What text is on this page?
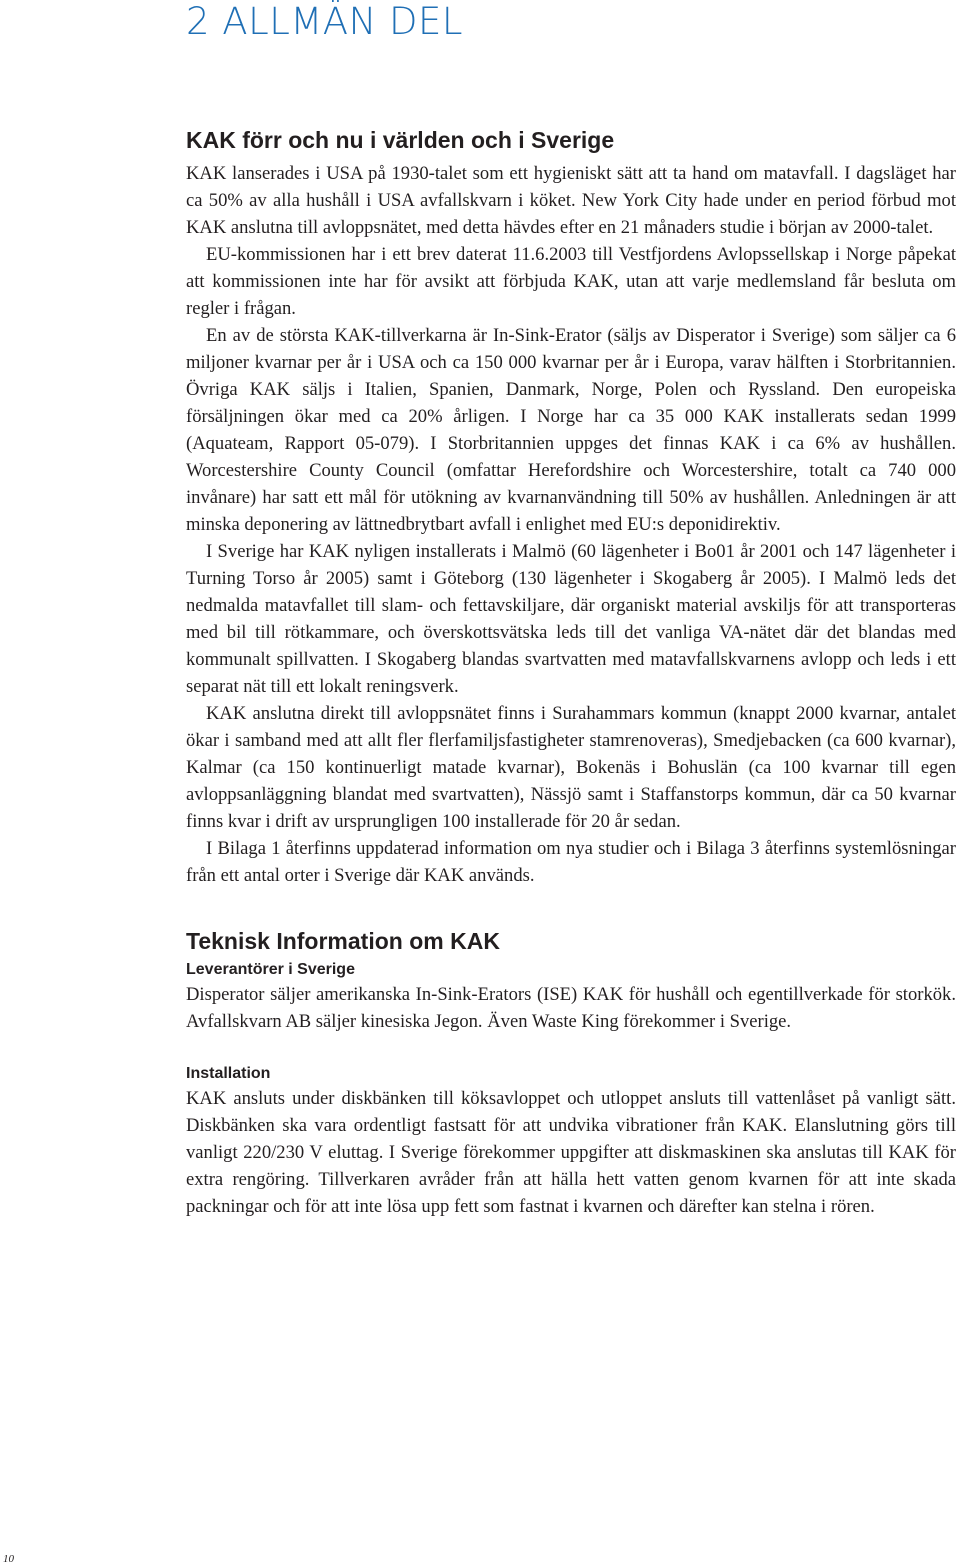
2 ALLMÄN DEL
KAK förr och nu i världen och i Sverige

KAK lanserades i USA på 1930-talet som ett hygieniskt sätt att ta hand om matavfall. I dagsläget har ca 50% av alla hushåll i USA avfallskvarn i köket. New York City hade under en period förbud mot KAK anslutna till avloppsnätet, med detta hävdes efter en 21 månaders studie i början av 2000-talet.

EU-kommissionen har i ett brev daterat 11.6.2003 till Vestfjordens Avlopssellskap i Norge påpekat att kommissionen inte har för avsikt att förbjuda KAK, utan att varje medlemsland får besluta om regler i frågan.

En av de största KAK-tillverkarna är In-Sink-Erator (säljs av Disperator i Sverige) som säljer ca 6 miljoner kvarnar per år i USA och ca 150 000 kvarnar per år i Europa, varav hälften i Storbritannien. Övriga KAK säljs i Italien, Spanien, Danmark, Norge, Polen och Ryssland. Den europeiska försäljningen ökar med ca 20% årligen. I Norge har ca 35 000 KAK installerats sedan 1999 (Aquateam, Rapport 05-079). I Storbritannien uppges det finnas KAK i ca 6% av hushållen. Worcestershire County Council (omfattar Herefordshire och Worcestershire, totalt ca 740 000 invånare) har satt ett mål för utökning av kvarnanvändning till 50% av hushållen. Anledningen är att minska deponering av lättnedbrytbart avfall i enlighet med EU:s deponidirektiv.

I Sverige har KAK nyligen installerats i Malmö (60 lägenheter i Bo01 år 2001 och 147 lägenheter i Turning Torso år 2005) samt i Göteborg (130 lägenheter i Skogaberg år 2005). I Malmö leds det nedmalda matavfallet till slam- och fettavskiljare, där organiskt material avskiljs för att transporteras med bil till rötkammare, och överskottsvätska leds till det vanliga VA-nätet där det blandas med kommunalt spillvatten. I Skogaberg blandas svartvatten med matavfallskvarnens avlopp och leds i ett separat nät till ett lokalt reningsverk.

KAK anslutna direkt till avloppsnätet finns i Surahammars kommun (knappt 2000 kvarnar, antalet ökar i samband med att allt fler flerfamiljsfastigheter stamrenoveras), Smedjebacken (ca 600 kvarnar), Kalmar (ca 150 kontinuerligt matade kvarnar), Bokenäs i Bohuslän (ca 100 kvarnar till egen avloppsanläggning blandat med svartvatten), Nässjö samt i Staffanstorps kommun, där ca 50 kvarnar finns kvar i drift av ursprungligen 100 installerade för 20 år sedan.

I Bilaga 1 återfinns uppdaterad information om nya studier och i Bilaga 3 återfinns systemlösningar från ett antal orter i Sverige där KAK används.

Teknisk Information om KAK
Leverantörer i Sverige

Disperator säljer amerikanska In-Sink-Erators (ISE) KAK för hushåll och egentillverkade för storkök. Avfallskvarn AB säljer kinesiska Jegon. Även Waste King förekommer i Sverige.

Installation

KAK ansluts under diskbänken till köksavloppet och utloppet ansluts till vattenlåset på vanligt sätt. Diskbänken ska vara ordentligt fastsatt för att undvika vibrationer från KAK. Elanslutning görs till vanligt 220/230 V eluttag. I Sverige förekommer uppgifter att diskmaskinen ska anslutas till KAK för extra rengöring. Tillverkaren avråder från att hälla hett vatten genom kvarnen för att inte skada packningar och för att inte lösa upp fett som fastnat i kvarnen och därefter kan stelna i rören.

10
